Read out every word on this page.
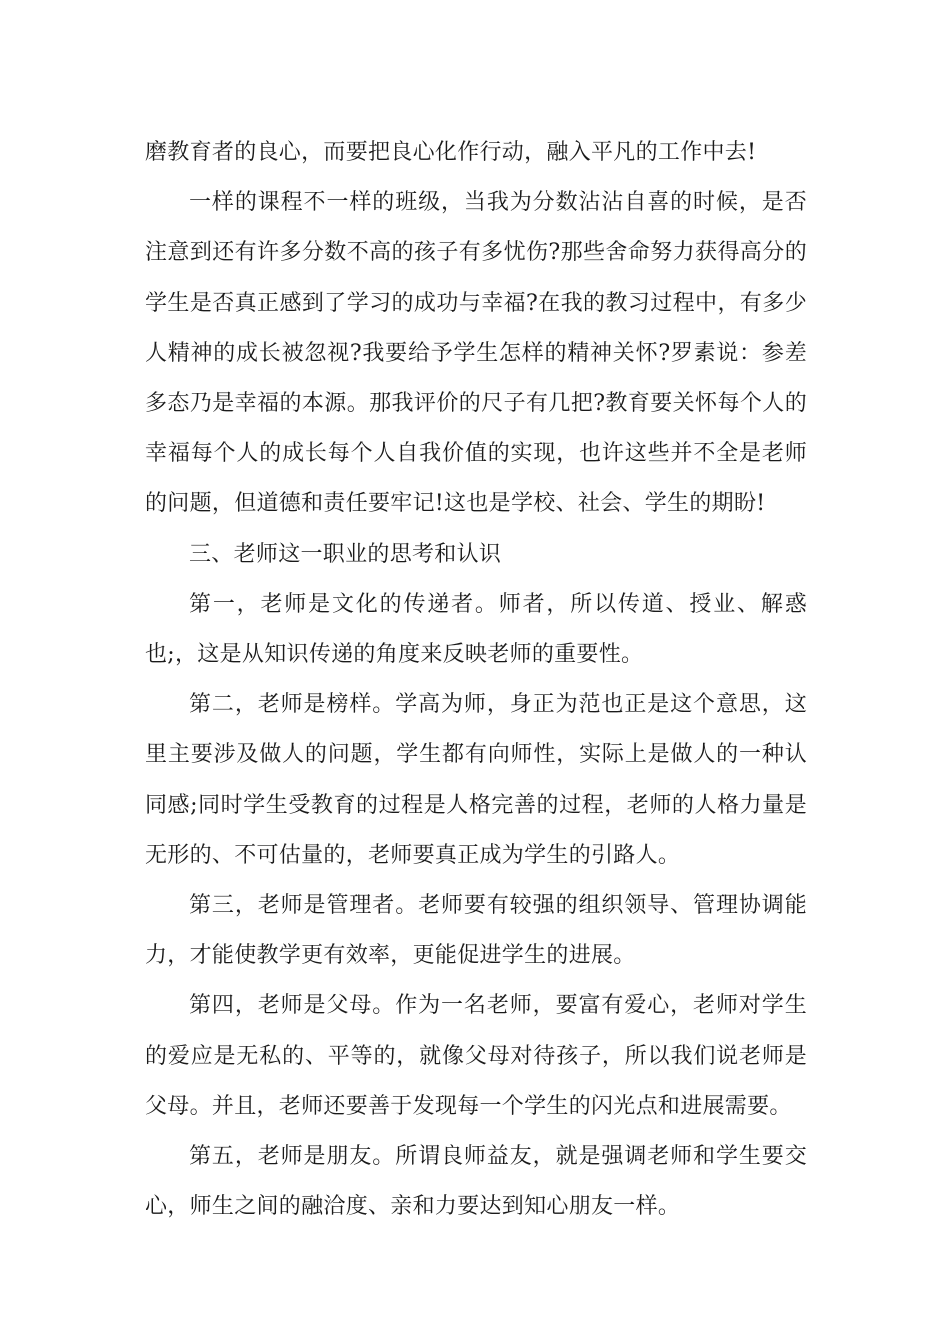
磨教育者的良心，而要把良心化作行动，融入平凡的工作中去!

一样的课程不一样的班级，当我为分数沾沾自喜的时候，是否注意到还有许多分数不高的孩子有多忧伤?那些舍命努力获得高分的学生是否真正感到了学习的成功与幸福?在我的教习过程中，有多少人精神的成长被忽视?我要给予学生怎样的精神关怀?罗素说：参差多态乃是幸福的本源。那我评价的尺子有几把?教育要关怀每个人的幸福每个人的成长每个人自我价值的实现，也许这些并不全是老师的问题，但道德和责任要牢记!这也是学校、社会、学生的期盼!

三、老师这一职业的思考和认识

第一，老师是文化的传递者。师者，所以传道、授业、解惑也;，这是从知识传递的角度来反映老师的重要性。

第二，老师是榜样。学高为师，身正为范也正是这个意思，这里主要涉及做人的问题，学生都有向师性，实际上是做人的一种认同感;同时学生受教育的过程是人格完善的过程，老师的人格力量是无形的、不可估量的，老师要真正成为学生的引路人。

第三，老师是管理者。老师要有较强的组织领导、管理协调能力，才能使教学更有效率，更能促进学生的进展。

第四，老师是父母。作为一名老师，要富有爱心，老师对学生的爱应是无私的、平等的，就像父母对待孩子，所以我们说老师是父母。并且，老师还要善于发现每一个学生的闪光点和进展需要。

第五，老师是朋友。所谓良师益友，就是强调老师和学生要交心，师生之间的融洽度、亲和力要达到知心朋友一样。
